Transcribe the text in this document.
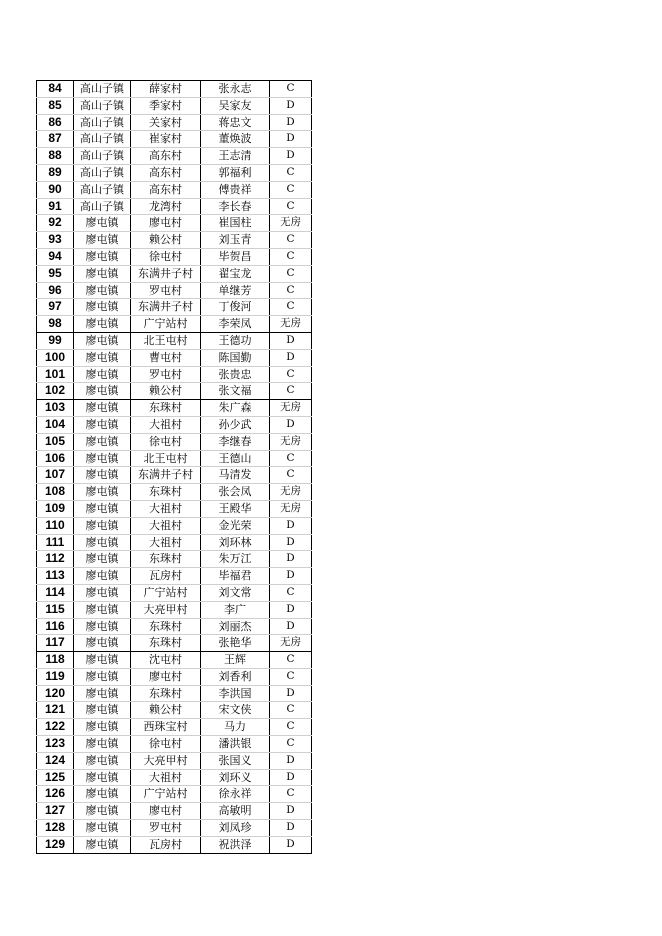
84	高山子镇	薛家村	张永志	C
85	高山子镇	季家村	吴家友	D
86	高山子镇	关家村	蒋忠文	D
87	高山子镇	崔家村	董焕波	D
88	高山子镇	高东村	王志清	D
89	高山子镇	高东村	郭福利	C
90	高山子镇	高东村	傅贵祥	C
91	高山子镇	龙湾村	李长春	C
92	廖屯镇	廖屯村	崔国柱	无房
93	廖屯镇	赖公村	刘玉青	C
94	廖屯镇	徐屯村	毕贺昌	C
95	廖屯镇	东满井子村	翟宝龙	C
96	廖屯镇	罗屯村	单继芳	C
97	廖屯镇	东满井子村	丁俊河	C
98	廖屯镇	广宁站村	李荣凤	无房
99	廖屯镇	北王屯村	王德功	D
100	廖屯镇	曹屯村	陈国勤	D
101	廖屯镇	罗屯村	张贵忠	C
102	廖屯镇	赖公村	张文福	C
103	廖屯镇	东珠村	朱广森	无房
104	廖屯镇	大祖村	孙少武	D
105	廖屯镇	徐屯村	李继春	无房
106	廖屯镇	北王屯村	王德山	C
107	廖屯镇	东满井子村	马清发	C
108	廖屯镇	东珠村	张会凤	无房
109	廖屯镇	大祖村	王殿华	无房
110	廖屯镇	大祖村	金光荣	D
111	廖屯镇	大祖村	刘环林	D
112	廖屯镇	东珠村	朱万江	D
113	廖屯镇	瓦房村	毕福君	D
114	廖屯镇	广宁站村	刘文常	C
115	廖屯镇	大亮甲村	李广	D
116	廖屯镇	东珠村	刘丽杰	D
117	廖屯镇	东珠村	张艳华	无房
118	廖屯镇	沈屯村	王辉	C
119	廖屯镇	廖屯村	刘香利	C
120	廖屯镇	东珠村	李洪国	D
121	廖屯镇	赖公村	宋文侠	C
122	廖屯镇	西珠宝村	马力	C
123	廖屯镇	徐屯村	潘洪银	C
124	廖屯镇	大亮甲村	张国义	D
125	廖屯镇	大祖村	刘环义	D
126	廖屯镇	广宁站村	徐永祥	C
127	廖屯镇	廖屯村	高敏明	D
128	廖屯镇	罗屯村	刘凤珍	D
129	廖屯镇	瓦房村	祝洪泽	D
